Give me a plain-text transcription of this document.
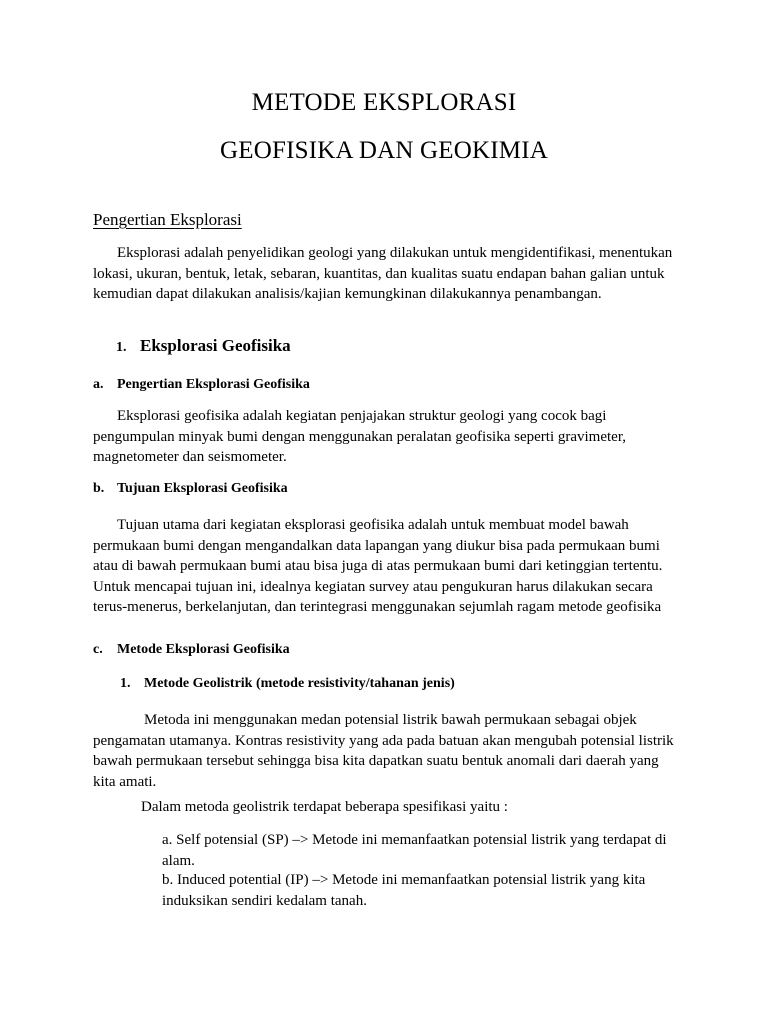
METODE EKSPLORASI
GEOFISIKA DAN GEOKIMIA
Pengertian Eksplorasi

Eksplorasi adalah penyelidikan geologi yang dilakukan untuk mengidentifikasi, menentukan lokasi, ukuran, bentuk, letak, sebaran, kuantitas, dan kualitas suatu endapan bahan galian untuk kemudian dapat dilakukan analisis/kajian kemungkinan dilakukannya penambangan.

1. Eksplorasi Geofisika
a. Pengertian Eksplorasi Geofisika

Eksplorasi geofisika adalah kegiatan penjajakan struktur geologi yang cocok bagi pengumpulan minyak bumi dengan menggunakan peralatan geofisika seperti gravimeter, magnetometer dan seismometer.

b. Tujuan Eksplorasi Geofisika

Tujuan utama dari kegiatan eksplorasi geofisika adalah untuk membuat model bawah permukaan bumi dengan mengandalkan data lapangan yang diukur bisa pada permukaan bumi atau di bawah permukaan bumi atau bisa juga di atas permukaan bumi dari ketinggian tertentu. Untuk mencapai tujuan ini, idealnya kegiatan survey atau pengukuran harus dilakukan secara terus-menerus, berkelanjutan, dan terintegrasi menggunakan sejumlah ragam metode geofisika

c. Metode Eksplorasi Geofisika
1. Metode Geolistrik (metode resistivity/tahanan jenis)

Metoda ini menggunakan medan potensial listrik bawah permukaan sebagai objek pengamatan utamanya. Kontras resistivity yang ada pada batuan akan mengubah potensial listrik bawah permukaan tersebut sehingga bisa kita dapatkan suatu bentuk anomali dari daerah yang kita amati.

Dalam metoda geolistrik terdapat beberapa spesifikasi yaitu :

a. Self potensial (SP) –> Metode ini memanfaatkan potensial listrik yang terdapat di alam.

b. Induced potential (IP) –> Metode ini memanfaatkan potensial listrik yang kita induksikan sendiri kedalam tanah.
